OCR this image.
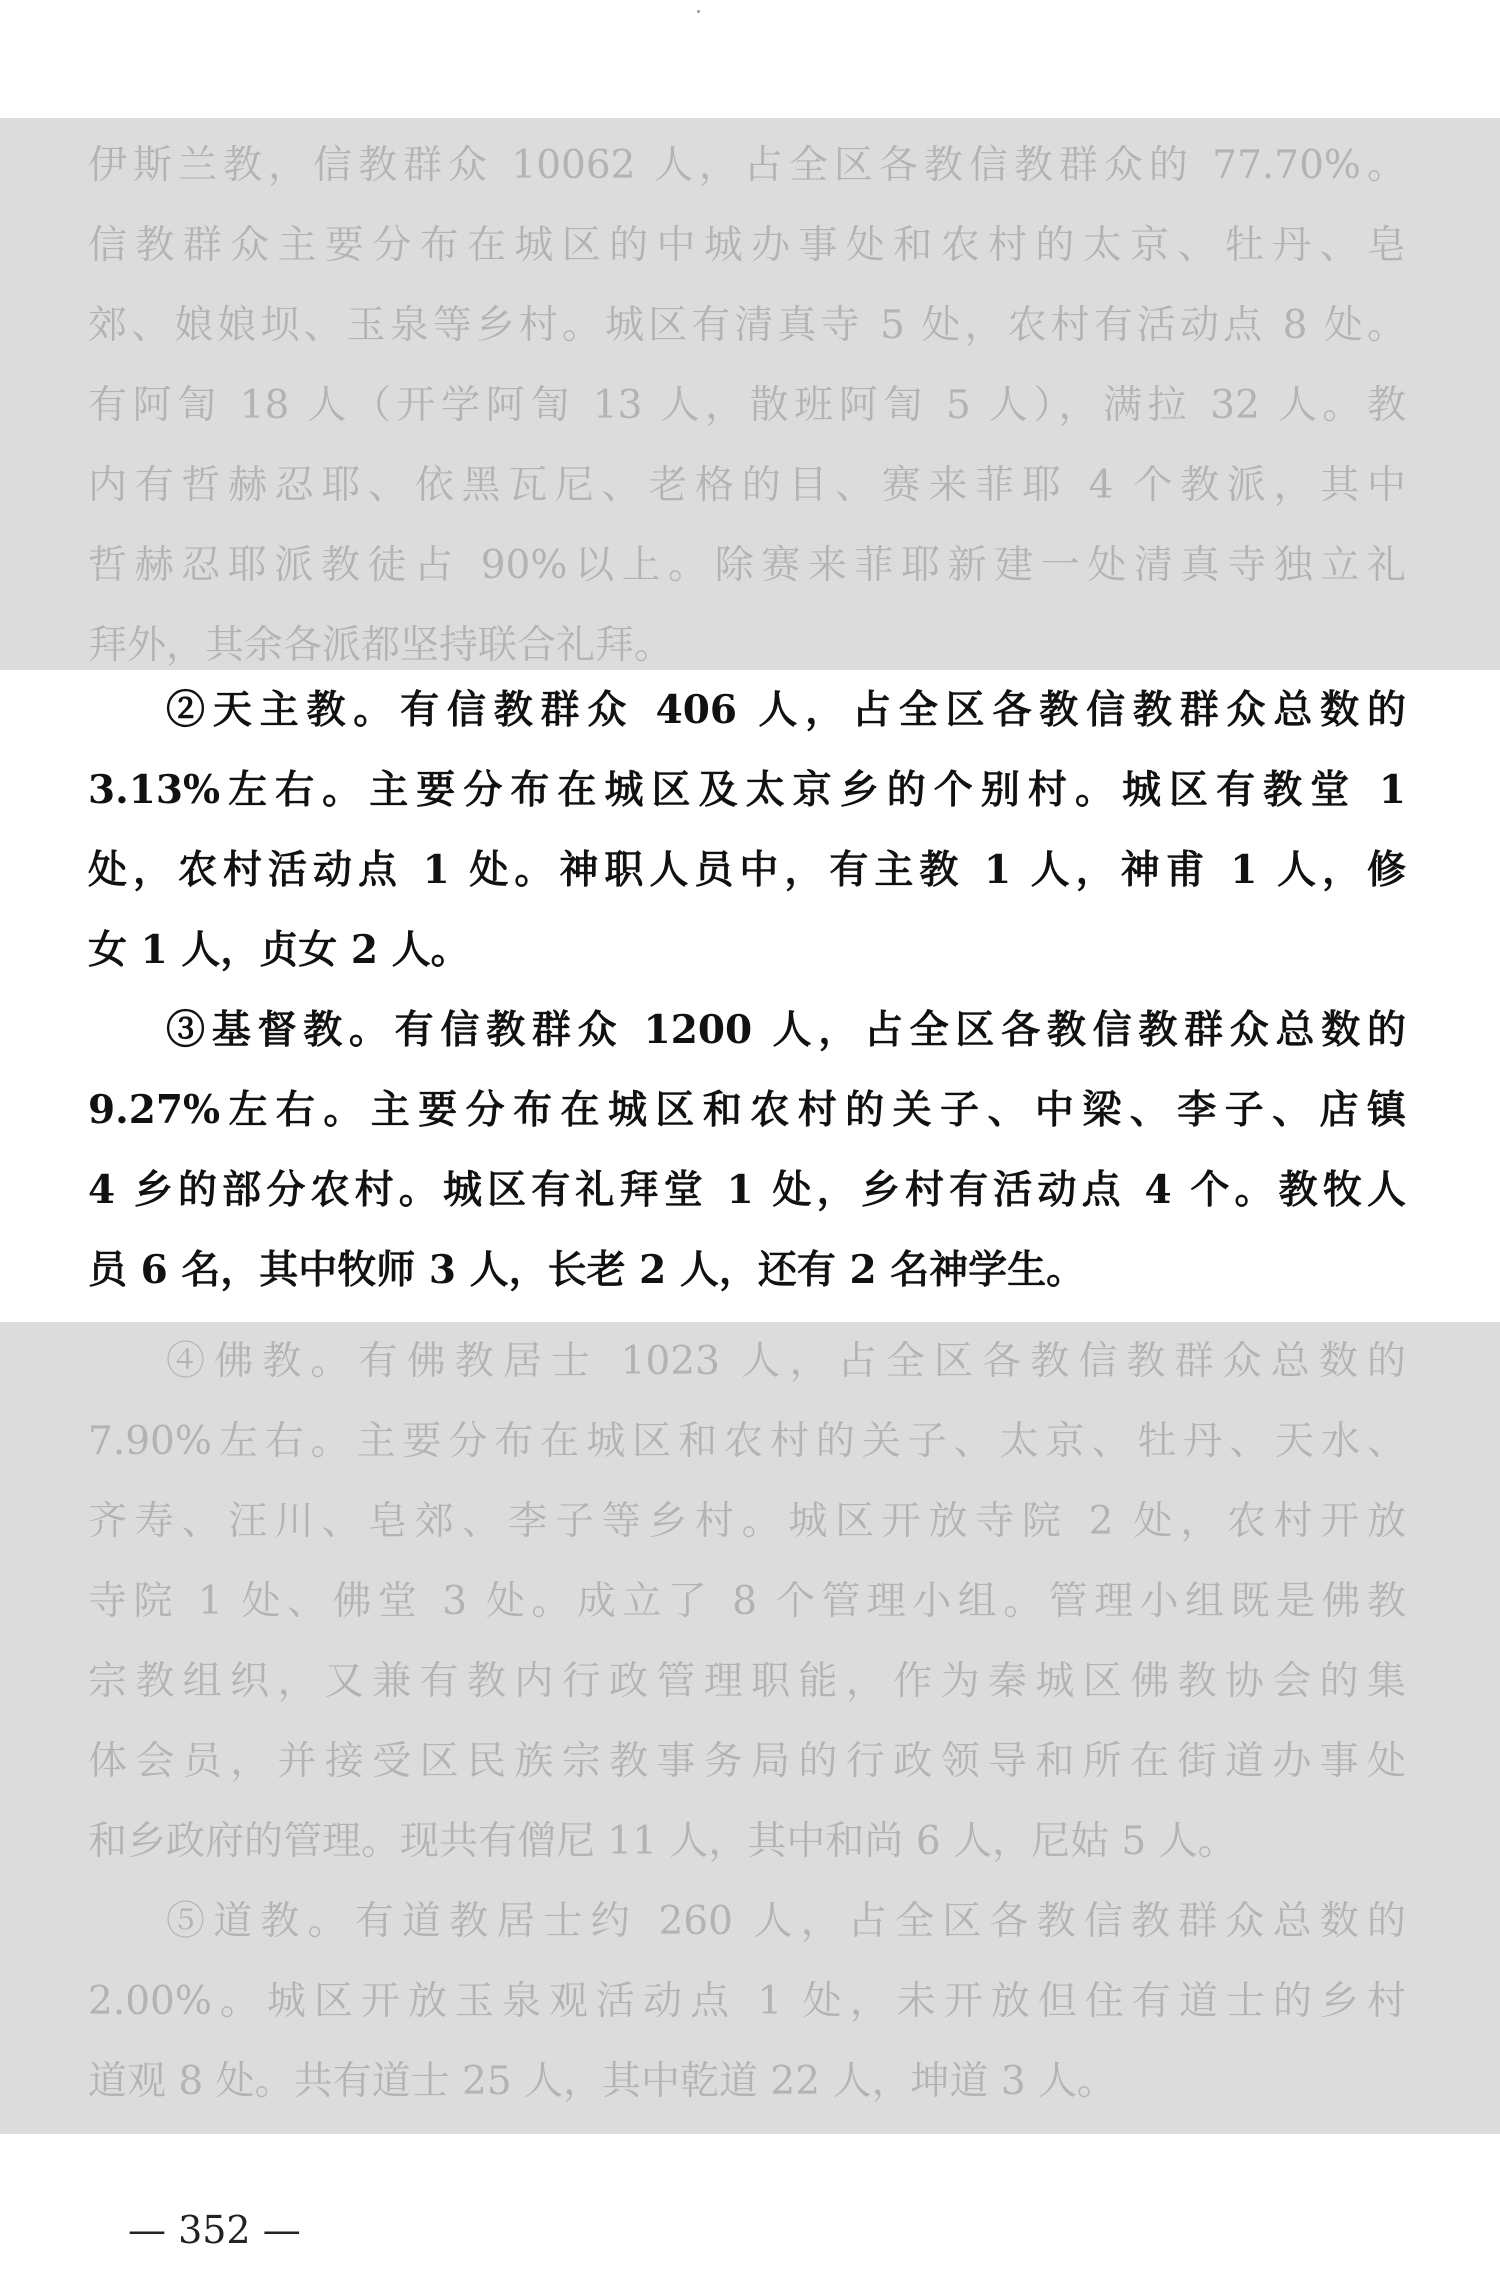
伊斯兰教，信教群众 10062 人，占全区各教信教群众的 77.70%。
信教群众主要分布在城区的中城办事处和农村的太京、牡丹、皂
郊、娘娘坝、玉泉等乡村。城区有清真寺 5 处，农村有活动点 8 处。
有阿訇 18 人（开学阿訇 13 人，散班阿訇 5 人），满拉 32 人。教
内有哲赫忍耶、依黑瓦尼、老格的目、赛来菲耶 4 个教派，其中
哲赫忍耶派教徒占 90%以上。除赛来菲耶新建一处清真寺独立礼
拜外，其余各派都坚持联合礼拜。
②天主教。有信教群众 406 人，占全区各教信教群众总数的
3.13%左右。主要分布在城区及太京乡的个别村。城区有教堂 1
处，农村活动点 1 处。神职人员中，有主教 1 人，神甫 1 人，修
女 1 人，贞女 2 人。
③基督教。有信教群众 1200 人，占全区各教信教群众总数的
9.27%左右。主要分布在城区和农村的关子、中梁、李子、店镇
4 乡的部分农村。城区有礼拜堂 1 处，乡村有活动点 4 个。教牧人
员 6 名，其中牧师 3 人，长老 2 人，还有 2 名神学生。
④佛教。有佛教居士 1023 人，占全区各教信教群众总数的
7.90%左右。主要分布在城区和农村的关子、太京、牡丹、天水、
齐寿、汪川、皂郊、李子等乡村。城区开放寺院 2 处，农村开放
寺院 1 处、佛堂 3 处。成立了 8 个管理小组。管理小组既是佛教
宗教组织，又兼有教内行政管理职能，作为秦城区佛教协会的集
体会员，并接受区民族宗教事务局的行政领导和所在街道办事处
和乡政府的管理。现共有僧尼 11 人，其中和尚 6 人，尼姑 5 人。
⑤道教。有道教居士约 260 人，占全区各教信教群众总数的
2.00%。城区开放玉泉观活动点 1 处，未开放但住有道士的乡村
道观 8 处。共有道士 25 人，其中乾道 22 人，坤道 3 人。
— 352 —
